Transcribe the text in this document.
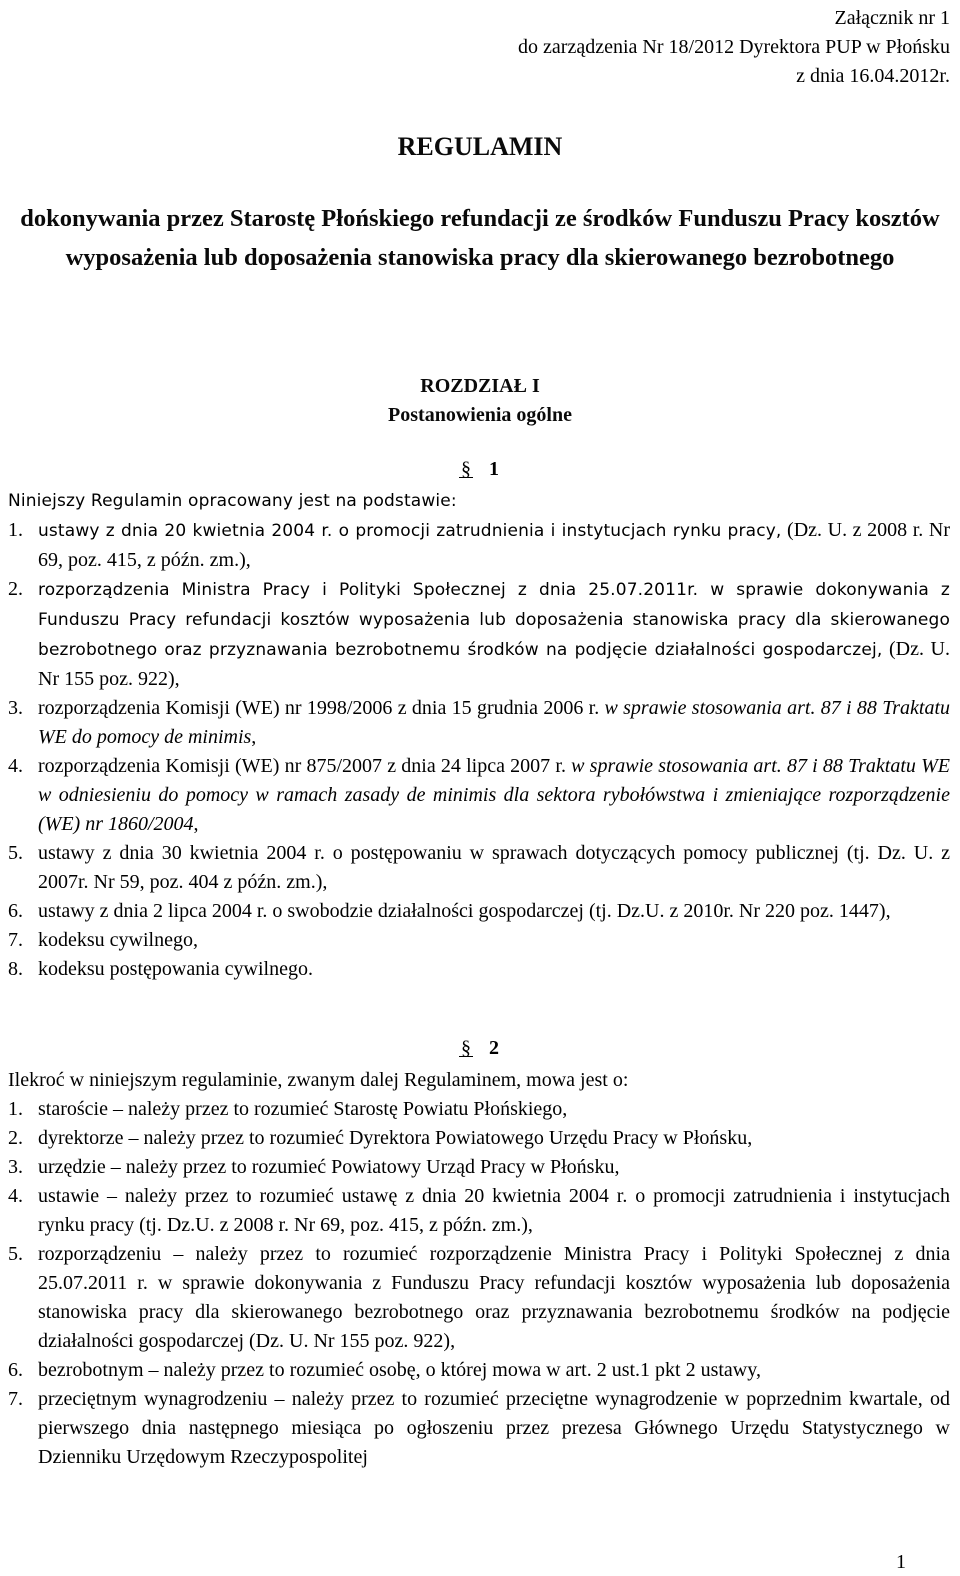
Załącznik nr 1
do zarządzenia Nr 18/2012 Dyrektora PUP w Płońsku
z dnia 16.04.2012r.
REGULAMIN
dokonywania przez Starostę Płońskiego refundacji ze środków Funduszu Pracy kosztów wyposażenia lub doposażenia stanowiska pracy dla skierowanego bezrobotnego
ROZDZIAŁ I
Postanowienia ogólne
§ 1
Niniejszy Regulamin opracowany jest na podstawie:
1. ustawy z dnia 20 kwietnia 2004 r. o promocji zatrudnienia i instytucjach rynku pracy, (Dz. U. z 2008 r. Nr 69, poz. 415, z późn. zm.),
2. rozporządzenia Ministra Pracy i Polityki Społecznej z dnia 25.07.2011r. w sprawie dokonywania z Funduszu Pracy refundacji kosztów wyposażenia lub doposażenia stanowiska pracy dla skierowanego bezrobotnego oraz przyznawania bezrobotnemu środków na podjęcie działalności gospodarczej, (Dz. U. Nr 155 poz. 922),
3. rozporządzenia Komisji (WE) nr 1998/2006 z dnia 15 grudnia 2006 r. w sprawie stosowania art. 87 i 88 Traktatu WE do pomocy de minimis,
4. rozporządzenia Komisji (WE) nr 875/2007 z dnia 24 lipca 2007 r. w sprawie stosowania art. 87 i 88 Traktatu WE w odniesieniu do pomocy w ramach zasady de minimis dla sektora rybołówstwa i zmieniające rozporządzenie (WE) nr 1860/2004,
5. ustawy z dnia 30 kwietnia 2004 r. o postępowaniu w sprawach dotyczących pomocy publicznej (tj. Dz. U. z 2007r. Nr 59, poz. 404 z późn. zm.),
6. ustawy z dnia 2 lipca 2004 r. o swobodzie działalności gospodarczej (tj. Dz.U. z 2010r. Nr 220 poz. 1447),
7. kodeksu cywilnego,
8. kodeksu postępowania cywilnego.
§ 2
Ilekroć w niniejszym regulaminie, zwanym dalej Regulaminem, mowa jest o:
1. staroście – należy przez to rozumieć Starostę Powiatu Płońskiego,
2. dyrektorze – należy przez to rozumieć Dyrektora Powiatowego Urzędu Pracy w Płońsku,
3. urzędzie – należy przez to rozumieć Powiatowy Urząd Pracy w Płońsku,
4. ustawie – należy przez to rozumieć ustawę z dnia 20 kwietnia 2004 r. o promocji zatrudnienia i instytucjach rynku pracy (tj. Dz.U. z 2008 r. Nr 69, poz. 415, z późn. zm.),
5. rozporządzeniu – należy przez to rozumieć rozporządzenie Ministra Pracy i Polityki Społecznej z dnia 25.07.2011 r. w sprawie dokonywania z Funduszu Pracy refundacji kosztów wyposażenia lub doposażenia stanowiska pracy dla skierowanego bezrobotnego oraz przyznawania bezrobotnemu środków na podjęcie działalności gospodarczej (Dz. U. Nr 155 poz. 922),
6. bezrobotnym – należy przez to rozumieć osobę, o której mowa w art. 2 ust.1 pkt 2 ustawy,
7. przeciętnym wynagrodzeniu – należy przez to rozumieć przeciętne wynagrodzenie w poprzednim kwartale, od pierwszego dnia następnego miesiąca po ogłoszeniu przez prezesa Głównego Urzędu Statystycznego w Dzienniku Urzędowym Rzeczypospolitej
1
